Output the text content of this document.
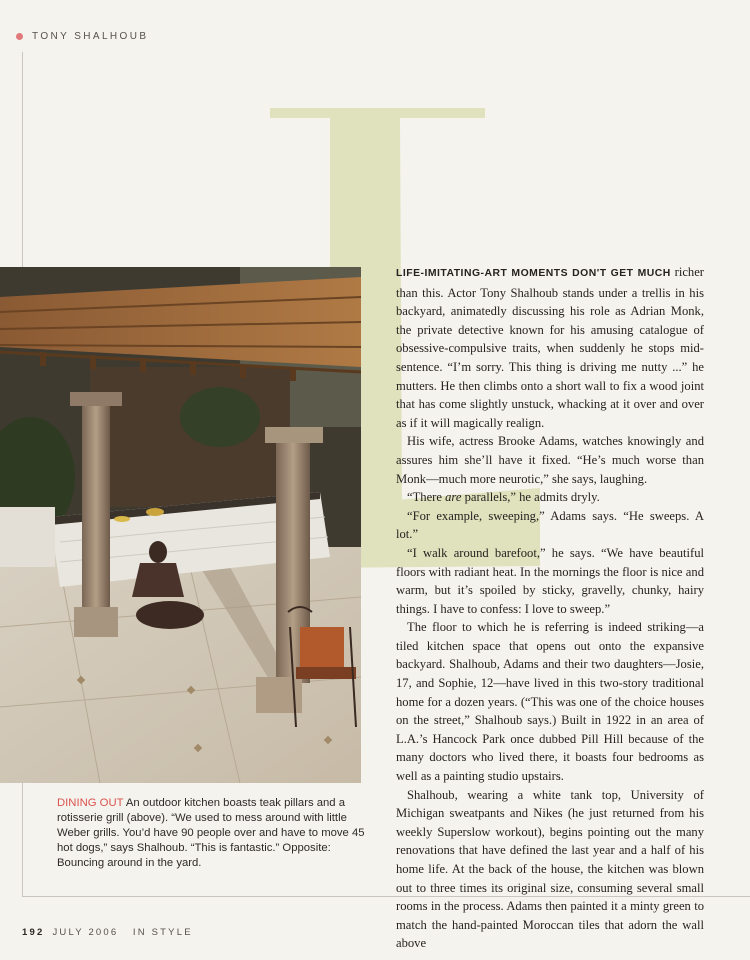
TONY SHALHOUB
DINING OUT An outdoor kitchen boasts teak pillars and a rotisserie grill (above). “We used to mess around with little Weber grills. You’d have 90 people over and have to move 45 hot dogs,” says Shalhoub. “This is fantastic.” Opposite: Bouncing around in the yard.

LIFE-IMITATING-ART MOMENTS DON'T GET MUCH richer than this. Actor Tony Shalhoub stands under a trellis in his backyard, animatedly discussing his role as Adrian Monk, the private detective known for his amusing catalogue of obsessive-compulsive traits, when suddenly he stops mid-sentence. “I’m sorry. This thing is driving me nutty ...” he mutters. He then climbs onto a short wall to fix a wood joint that has come slightly unstuck, whacking at it over and over as if it will magically realign.

His wife, actress Brooke Adams, watches knowingly and assures him she’ll have it fixed. “He’s much worse than Monk—much more neurotic,” she says, laughing.

“There are parallels,” he admits dryly.

“For example, sweeping,” Adams says. “He sweeps. A lot.”

“I walk around barefoot,” he says. “We have beautiful floors with radiant heat. In the mornings the floor is nice and warm, but it’s spoiled by sticky, gravelly, chunky, hairy things. I have to confess: I love to sweep.”

The floor to which he is referring is indeed striking—a tiled kitchen space that opens out onto the expansive backyard. Shalhoub, Adams and their two daughters—Josie, 17, and Sophie, 12—have lived in this two-story traditional home for a dozen years. (“This was one of the choice houses on the street,” Shalhoub says.) Built in 1922 in an area of L.A.’s Hancock Park once dubbed Pill Hill because of the many doctors who lived there, it boasts four bedrooms as well as a painting studio upstairs.

Shalhoub, wearing a white tank top, University of Michigan sweatpants and Nikes (he just returned from his weekly Superslow workout), begins pointing out the many renovations that have defined the last year and a half of his home life. At the back of the house, the kitchen was blown out to three times its original size, consuming several small rooms in the process. Adams then painted it a minty green to match the hand-painted Moroccan tiles that adorn the wall above

192 JULY 2006   IN STYLE
